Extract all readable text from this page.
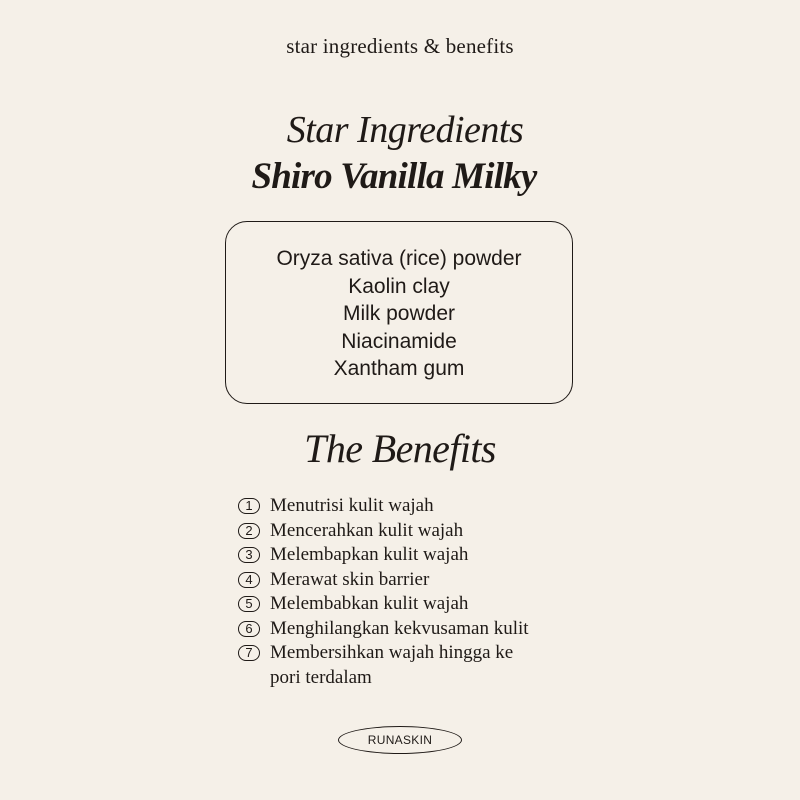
star ingredients & benefits
Star Ingredients
Shiro Vanilla Milky
Oryza sativa (rice) powder
Kaolin clay
Milk powder
Niacinamide
Xantham gum
The Benefits
1 Menutrisi kulit wajah
2 Mencerahkan kulit wajah
3 Melembapkan kulit wajah
4 Merawat skin barrier
5 Melembabkan kulit wajah
6 Menghilangkan kekvusaman kulit
7 Membersihkan wajah hingga ke
pori terdalam
RUNASKIN
